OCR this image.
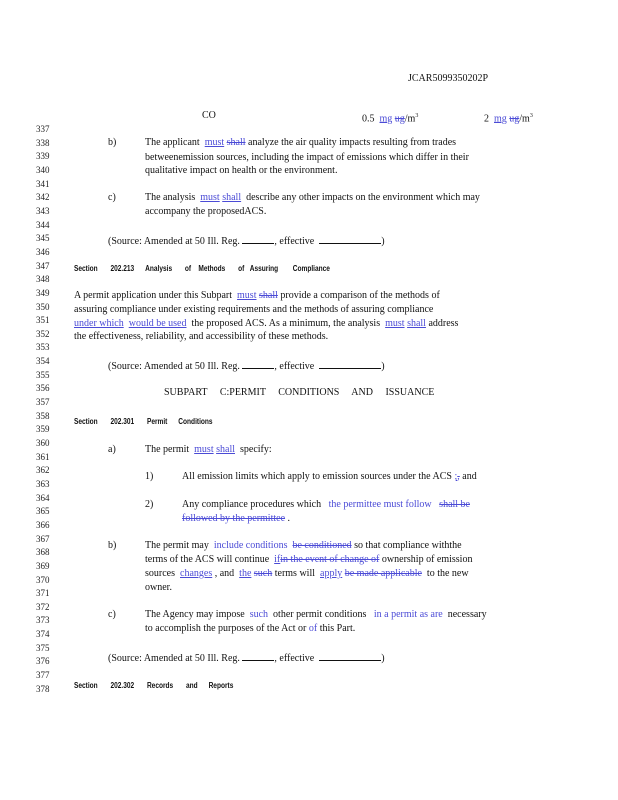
JCAR5099350202P
CO	0.5 mg $ug/m^3$	2 mg $ug/m^3$
337
338
339
340
341
342
343
344
345
346
347
348
349
350
351
352
353
354
355
356
357
358
359
360
361
362
363
364
365
366
367
368
369
370
371
372
373
374
375
376
377
378
b)	The applicant must shall analyze the air quality impacts resulting from trades
betweenemission sources, including the impact of emissions which differ in their
qualitative impact on health or the environment.
c)	The analysis must shall describe any other impacts on the environment which may
accompany the proposedACS.
(Source: Amended at 50 Ill. Reg.	, effective	)
Section 202.213 Analysis of Methods of Assuring Compliance
A permit application under this Subpart must shall provide a comparison of the methods of
assuring compliance under existing requirements and the methods of assuring compliance
under which would be used the proposed ACS. As a minimum, the analysis must shall address
the effectiveness, reliability, and accessibility of these methods.
(Source: Amended at 50 Ill. Reg.	, effective	)
SUBPART C:PERMIT CONDITIONS AND ISSUANCE
Section 202.301 Permit Conditions
a)	The permit must shall specify:
1)	All emission limits which apply to emission sources under the ACS ;, and
2)	Any compliance procedures which the permittee must follow shall be
followed by the permittee .
b)	The permit may include conditions be conditioned so that compliance withthe
terms of the ACS will continue ifin the event of change of ownership of emission
sources changes , and the such terms will apply be made applicable to the new
owner.
c)	The Agency may impose such other permit conditions in a permit as are necessary
to accomplish the purposes of the Act or of this Part.
(Source: Amended at 50 Ill. Reg.	, effective	)
Section 202.302 Records and Reports
